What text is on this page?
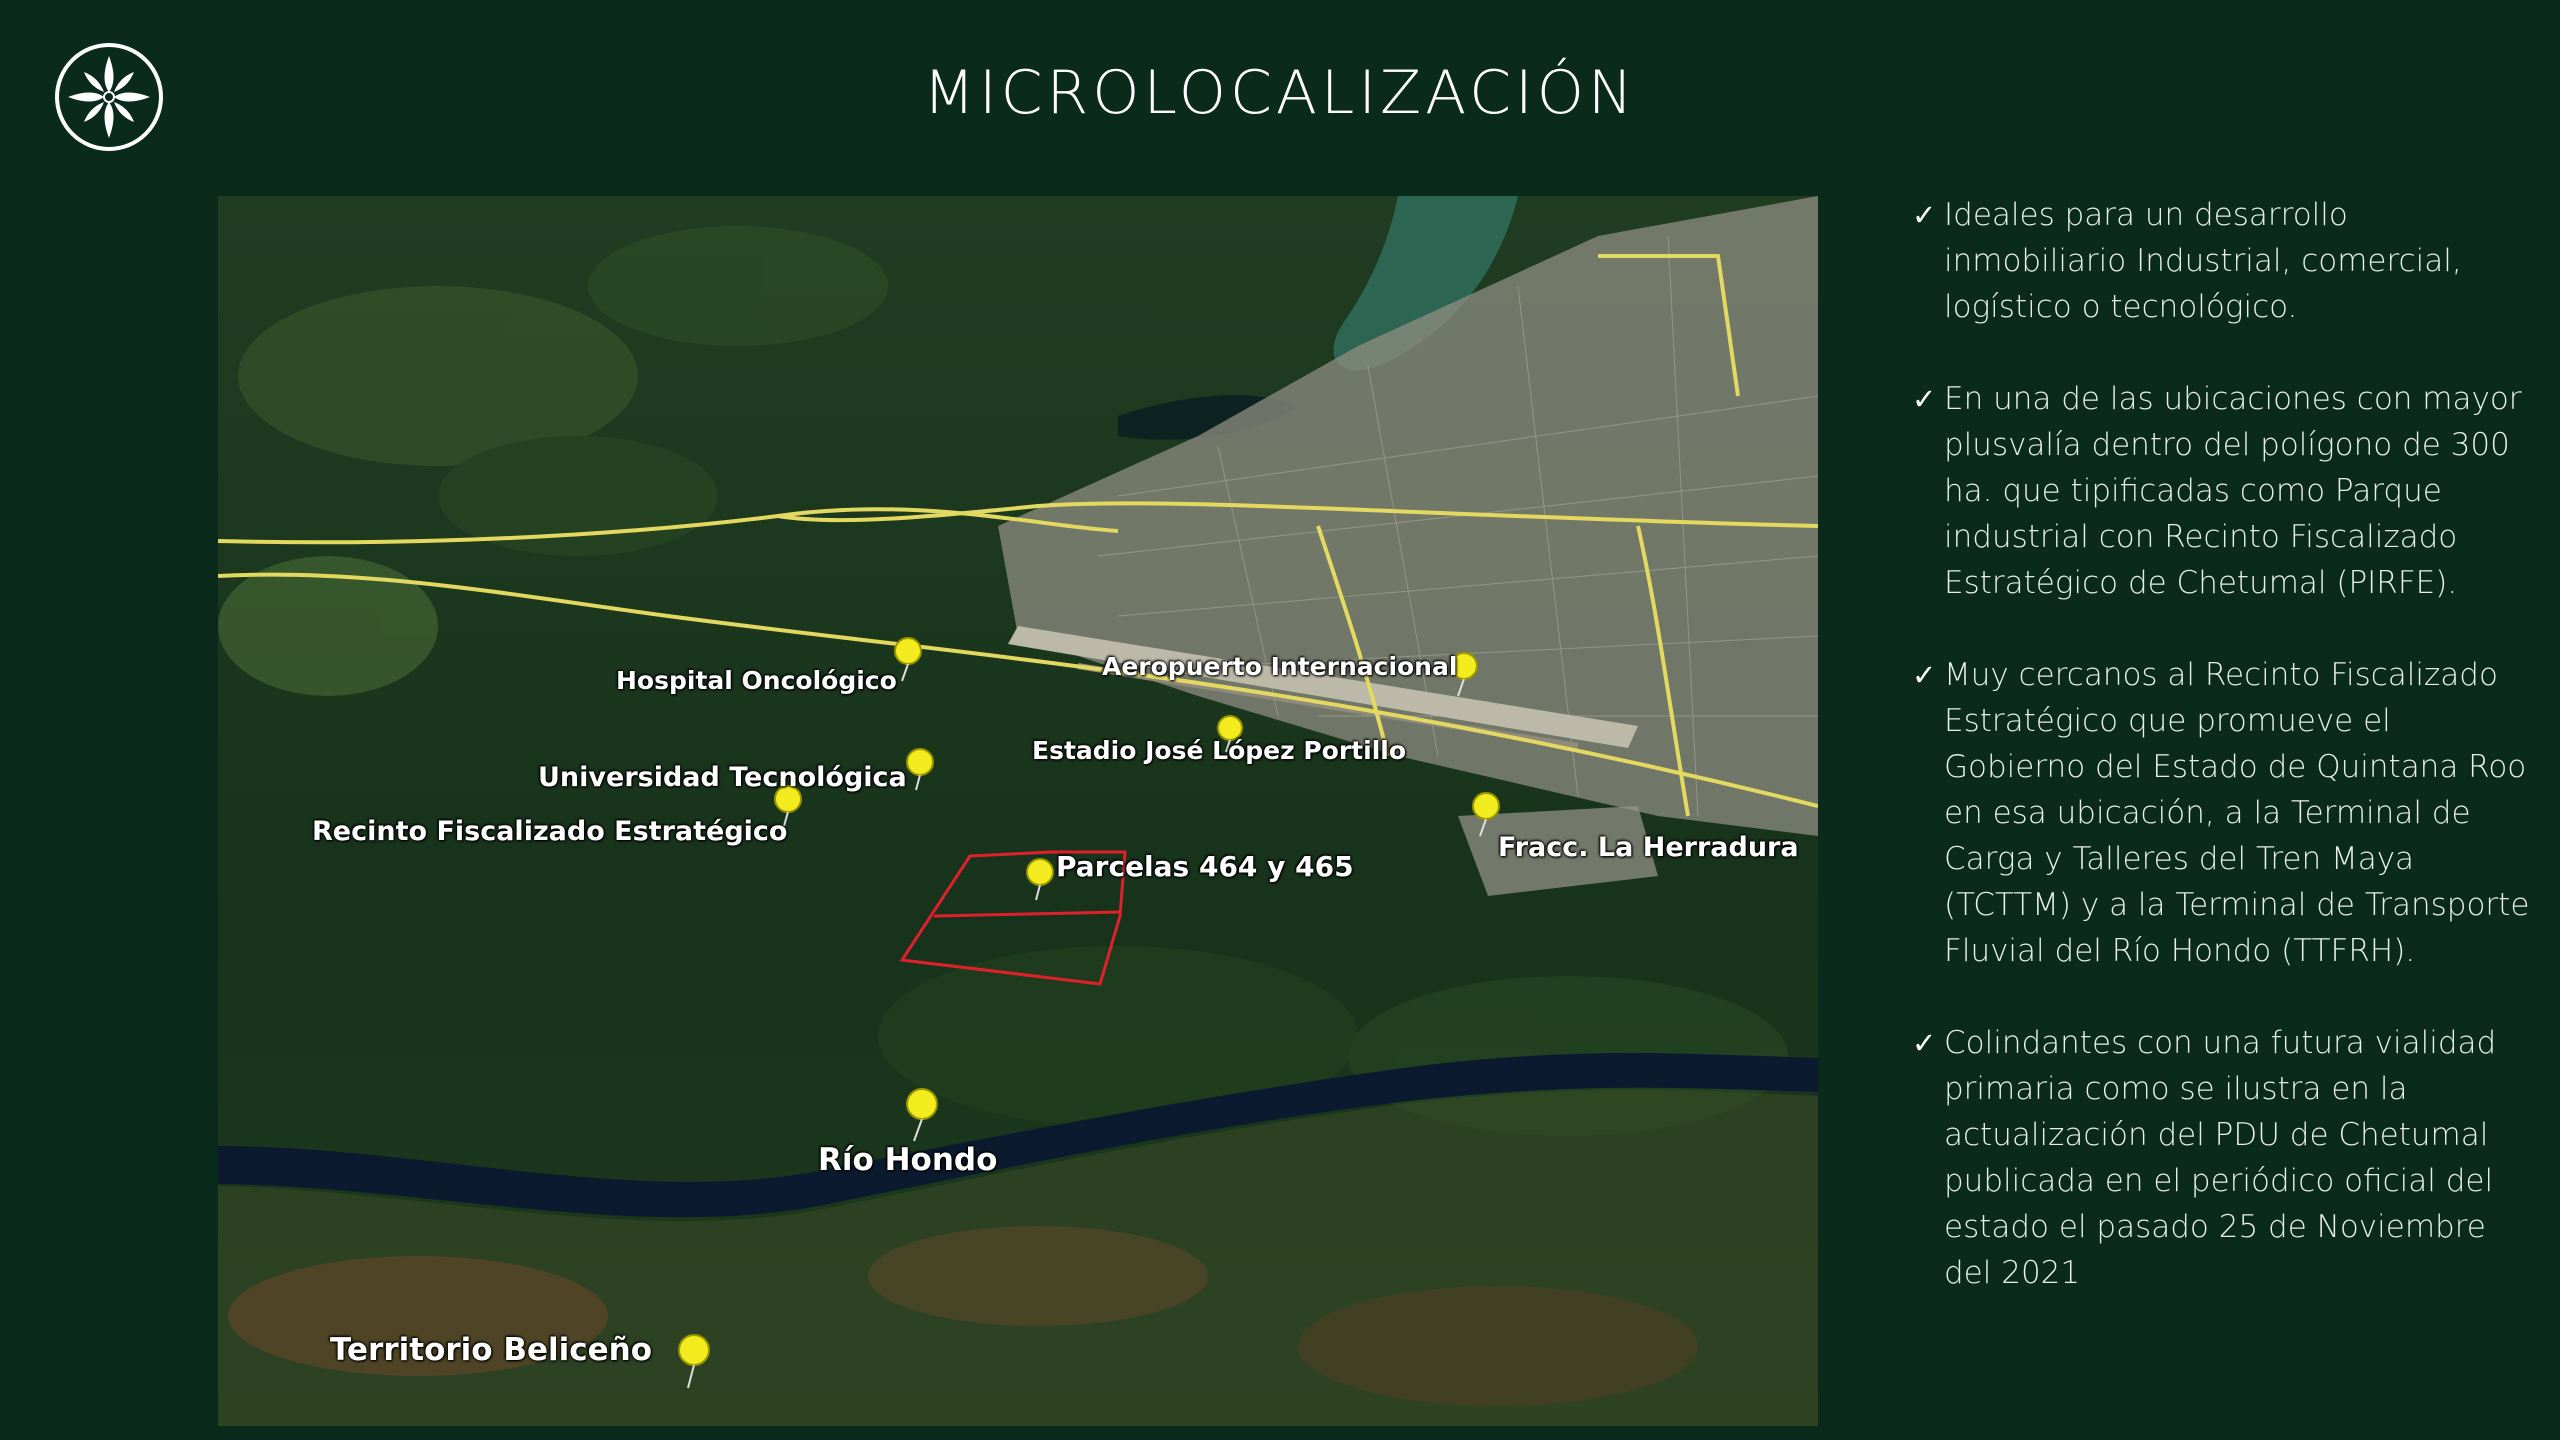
MICROLOCALIZACIÓN
Hospital Oncológico	Aeropuerto Internacional
Estadio José López Portillo
Universidad Tecnológica
Recinto Fiscalizado Estratégico
Fracc. La Herradura
Parcelas 464 y 465
Río Hondo
Territorio Beliceño
✓ Ideales para un desarrollo inmobiliario Industrial, comercial, logístico o tecnológico.
✓ En una de las ubicaciones con mayor plusvalía dentro del polígono de 300 ha. que tipificadas como Parque industrial con Recinto Fiscalizado Estratégico de Chetumal (PIRFE).
✓ Muy cercanos al Recinto Fiscalizado Estratégico que promueve el Gobierno del Estado de Quintana Roo en esa ubicación, a la Terminal de Carga y Talleres del Tren Maya (TCTTM) y a la Terminal de Transporte Fluvial del Río Hondo (TTFRH).
✓ Colindantes con una futura vialidad primaria como se ilustra en la actualización del PDU de Chetumal publicada en el periódico oficial del estado el pasado 25 de Noviembre del 2021
